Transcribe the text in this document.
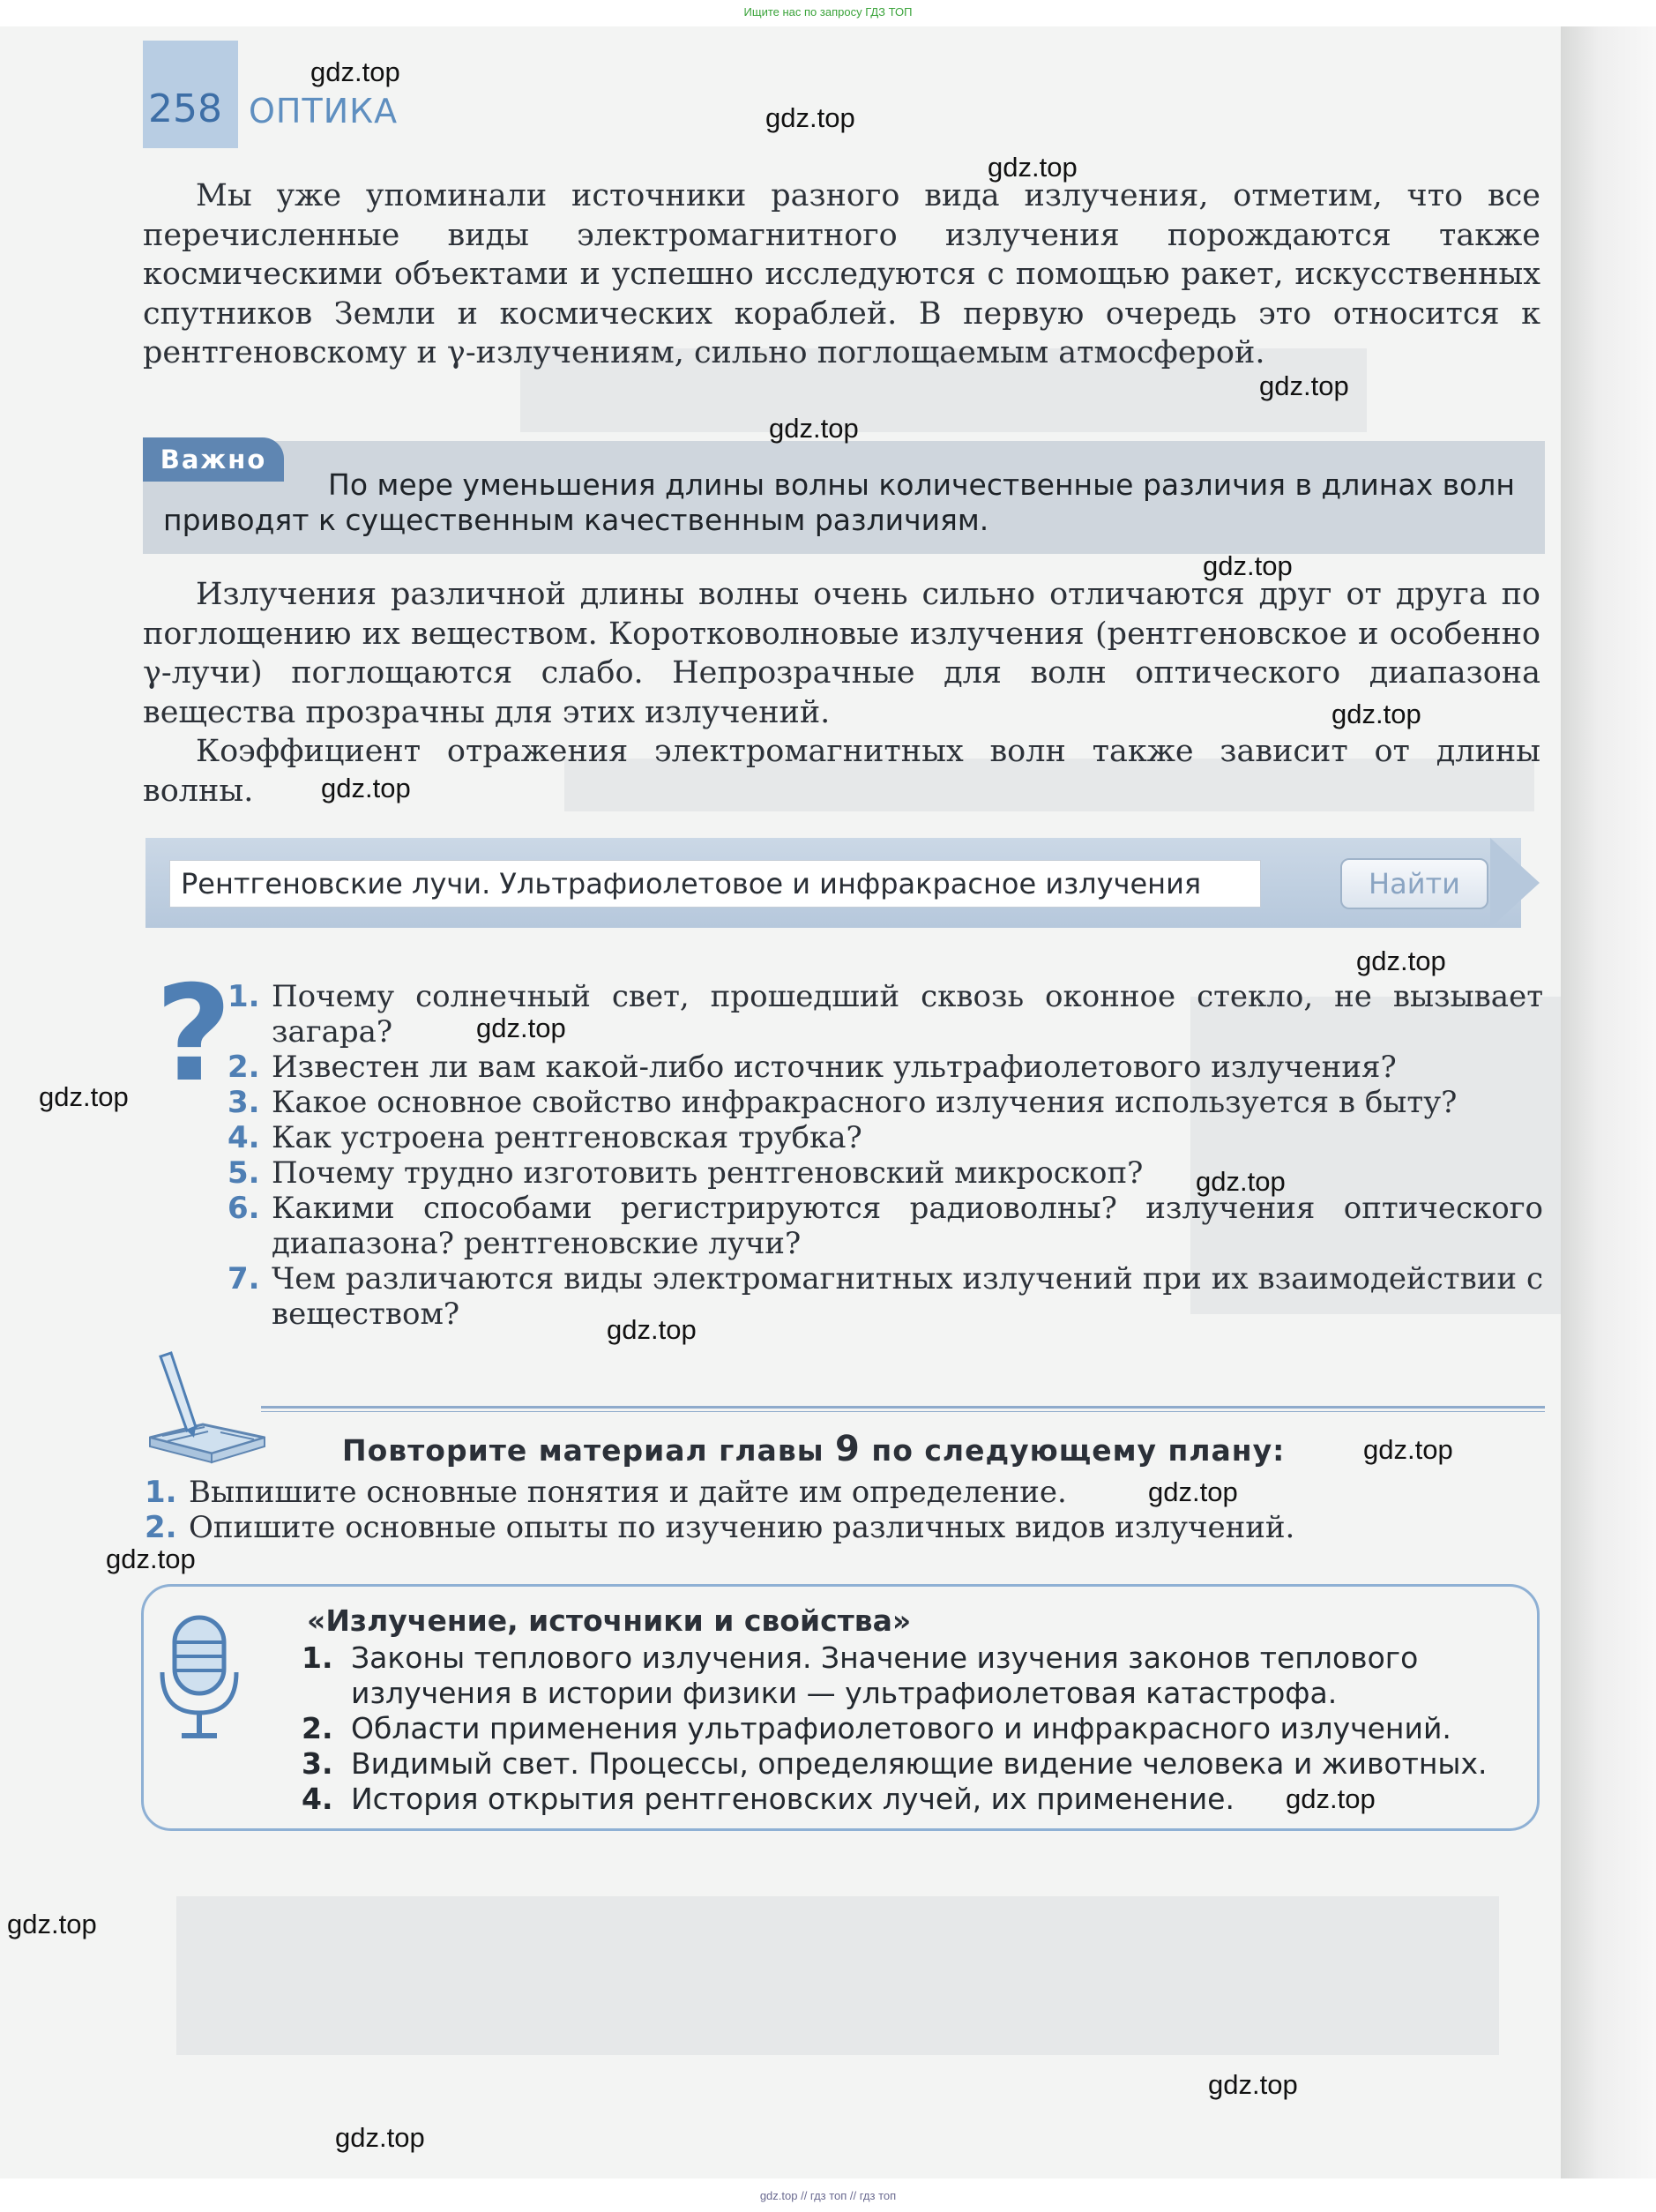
Ищите нас по запросу ГДЗ ТОП
258 ОПТИКА

Мы уже упоминали источники разного вида излучения, отметим, что все перечисленные виды электромагнитного излучения порождаются также космическими объектами и успешно исследуются с помощью ракет, искусственных спутников Земли и космических кораблей. В первую очередь это относится к рентгеновскому и γ-излучениям, сильно поглощаемым атмосферой.

Важно
По мере уменьшения длины волны количественные различия в длинах волн приводят к существенным качественным различиям.

Излучения различной длины волны очень сильно отличаются друг от друга по поглощению их веществом. Коротковолновые излучения (рентгеновское и особенно γ-лучи) поглощаются слабо. Непрозрачные для волн оптического диапазона вещества прозрачны для этих излучений.

Коэффициент отражения электромагнитных волн также зависит от длины волны.

Рентгеновские лучи. Ультрафиолетовое и инфракрасное излучения	Найти
?
1. Почему солнечный свет, прошедший сквозь оконное стекло, не вызывает загара?
2. Известен ли вам какой-либо источник ультрафиолетового излучения?
3. Какое основное свойство инфракрасного излучения используется в быту?
4. Как устроена рентгеновская трубка?
5. Почему трудно изготовить рентгеновский микроскоп?
6. Какими способами регистрируются радиоволны? излучения оптического диапазона? рентгеновские лучи?
7. Чем различаются виды электромагнитных излучений при их взаимодействии с веществом?
Повторите материал главы 9 по следующему плану:
1. Выпишите основные понятия и дайте им определение.
2. Опишите основные опыты по изучению различных видов излучений.
«Излучение, источники и свойства»
1. Законы теплового излучения. Значение изучения законов теплового излучения в истории физики — ультрафиолетовая катастрофа.
2. Области применения ультрафиолетового и инфракрасного излучений.
3. Видимый свет. Процессы, определяющие видение человека и животных.
4. История открытия рентгеновских лучей, их применение.
gdz.top
gdz.top
gdz.top
gdz.top
gdz.top
gdz.top
gdz.top
gdz.top
gdz.top
gdz.top
gdz.top
gdz.top
gdz.top
gdz.top
gdz.top
gdz.top
gdz.top
gdz.top
gdz.top
gdz.top
gdz.top // гдз топ // гдз топ
